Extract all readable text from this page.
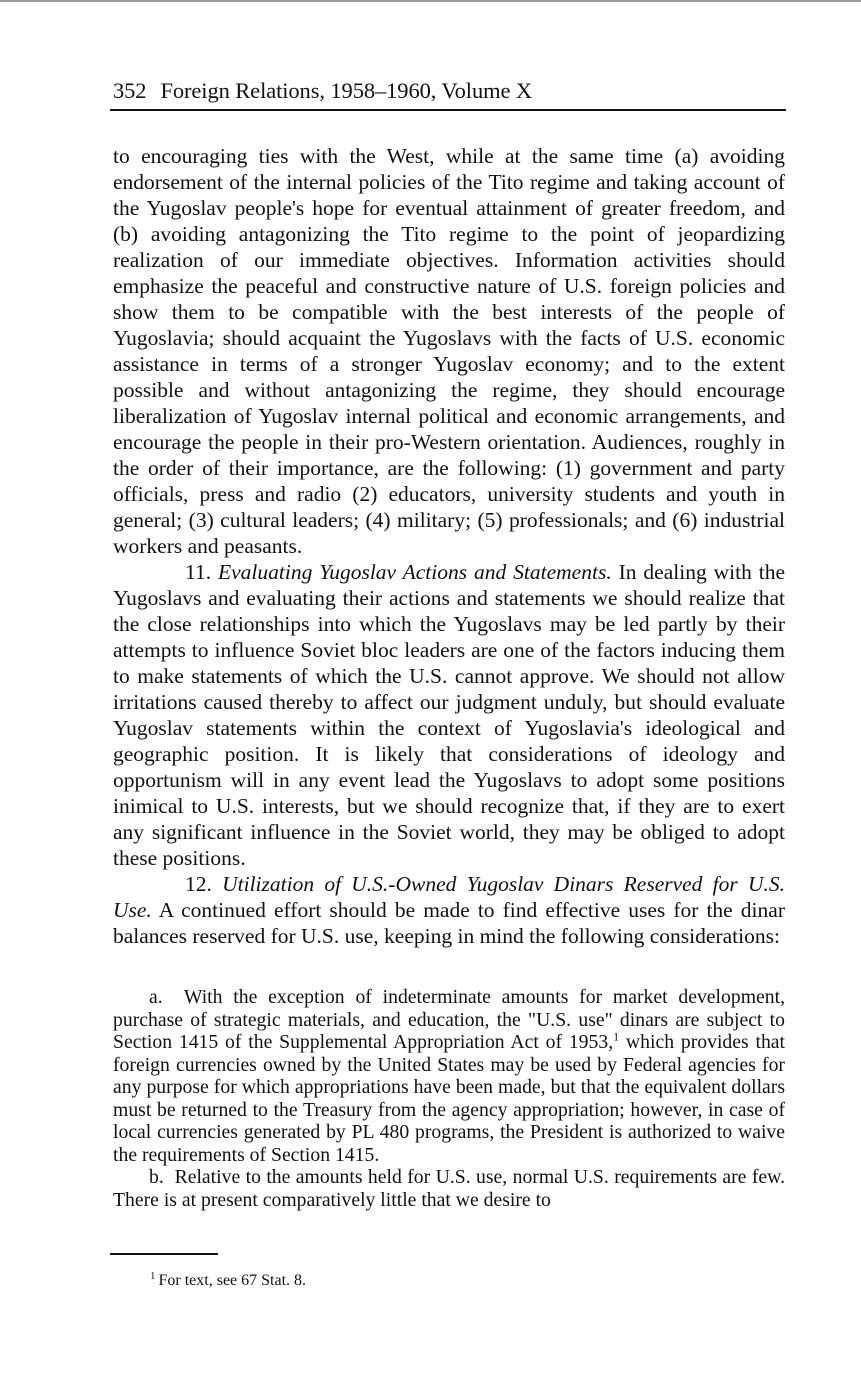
352 Foreign Relations, 1958–1960, Volume X

to encouraging ties with the West, while at the same time (a) avoiding endorsement of the internal policies of the Tito regime and taking account of the Yugoslav people's hope for eventual attainment of greater freedom, and (b) avoiding antagonizing the Tito regime to the point of jeopardizing realization of our immediate objectives. Information activities should emphasize the peaceful and constructive nature of U.S. foreign policies and show them to be compatible with the best interests of the people of Yugoslavia; should acquaint the Yugoslavs with the facts of U.S. economic assistance in terms of a stronger Yugoslav economy; and to the extent possible and without antagonizing the regime, they should encourage liberalization of Yugoslav internal political and economic arrangements, and encourage the people in their pro-Western orientation. Audiences, roughly in the order of their importance, are the following: (1) government and party officials, press and radio (2) educators, university students and youth in general; (3) cultural leaders; (4) military; (5) professionals; and (6) industrial workers and peasants.

11. Evaluating Yugoslav Actions and Statements. In dealing with the Yugoslavs and evaluating their actions and statements we should realize that the close relationships into which the Yugoslavs may be led partly by their attempts to influence Soviet bloc leaders are one of the factors inducing them to make statements of which the U.S. cannot approve. We should not allow irritations caused thereby to affect our judgment unduly, but should evaluate Yugoslav statements within the context of Yugoslavia's ideological and geographic position. It is likely that considerations of ideology and opportunism will in any event lead the Yugoslavs to adopt some positions inimical to U.S. interests, but we should recognize that, if they are to exert any significant influence in the Soviet world, they may be obliged to adopt these positions.

12. Utilization of U.S.-Owned Yugoslav Dinars Reserved for U.S. Use. A continued effort should be made to find effective uses for the dinar balances reserved for U.S. use, keeping in mind the following considerations:

a. With the exception of indeterminate amounts for market development, purchase of strategic materials, and education, the "U.S. use" dinars are subject to Section 1415 of the Supplemental Appropriation Act of 1953,$^1$ which provides that foreign currencies owned by the United States may be used by Federal agencies for any purpose for which appropriations have been made, but that the equivalent dollars must be returned to the Treasury from the agency appropriation; however, in case of local currencies generated by PL 480 programs, the President is authorized to waive the requirements of Section 1415.

b. Relative to the amounts held for U.S. use, normal U.S. requirements are few. There is at present comparatively little that we desire to

$^1$ For text, see 67 Stat. 8.
